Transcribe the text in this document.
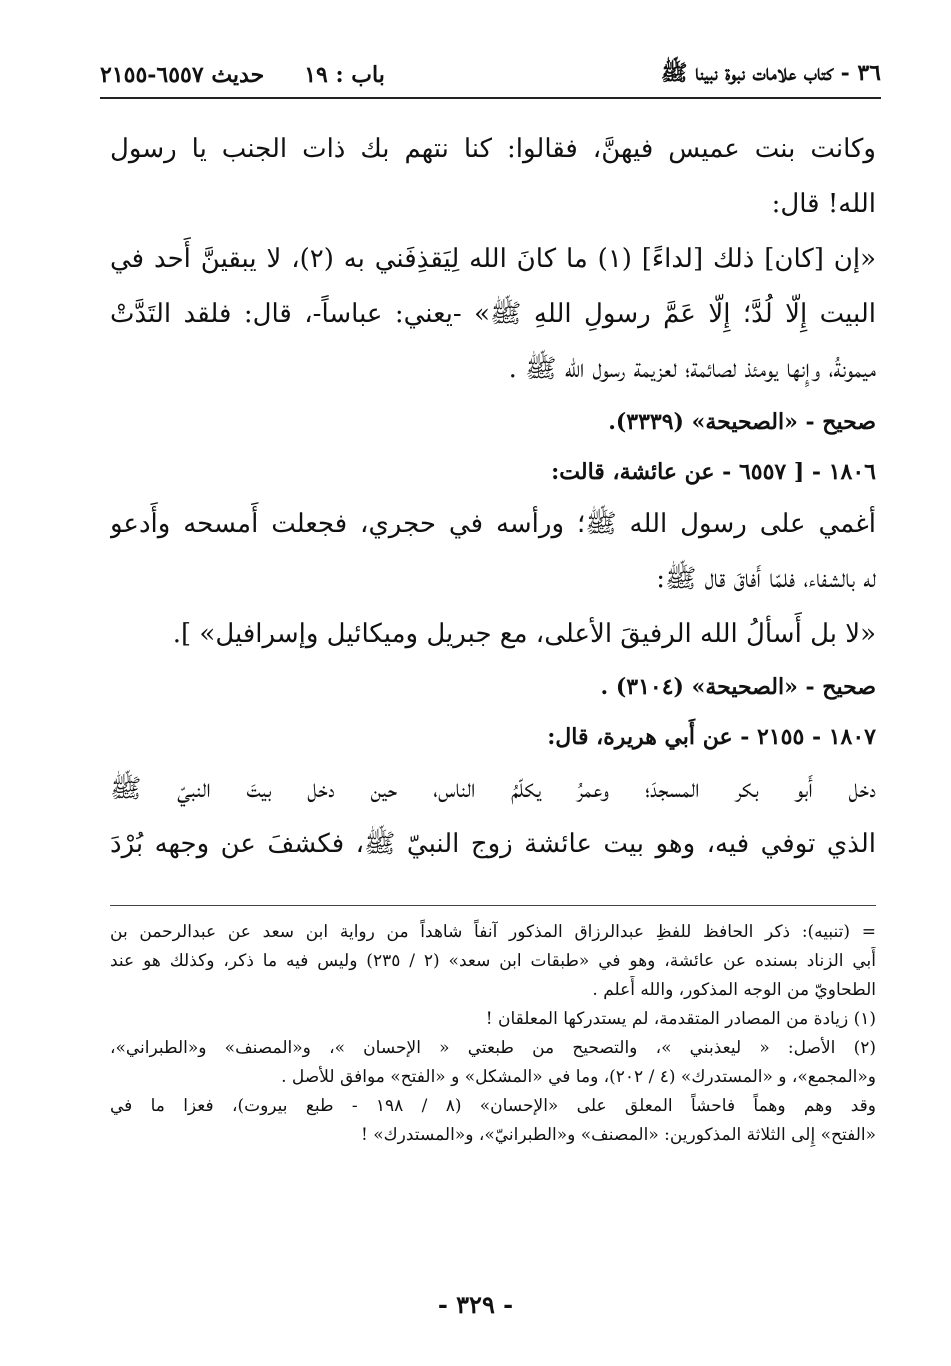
٣٦ - كتاب علامات نبوة نبينا ﷺ
باب : ١٩
حديث ٦٥٥٧-٢١٥٥
وكانت بنت عميس فيهنَّ، فقالوا: كنا نتهم بك ذات الجنب يا رسول
الله! قال:
«إن [كان] ذلك [لداءً] (١) ما كانَ الله لِيَقذِفَني به (٢)، لا يبقينَّ أَحد في
البيت إِلّا لُدَّ؛ إِلّا عَمَّ رسولِ اللهِ ﷺ» -يعني: عباساً-، قال: فلقد التَدَّتْ
ميمونةُ، وإِنها يومئذ لصائمة؛ لعزيمة رسول الله ﷺ .
صحيح - «الصحيحة» (٣٣٣٩).
١٨٠٦ - [ ٦٥٥٧ - عن عائشة، قالت:
أغمي على رسول الله ﷺ؛ ورأسه في حجري، فجعلت أَمسحه وأَدعو
له بالشفاء، فلمّا أَفاقَ قال ﷺ:
«لا بل أَسألُ الله الرفيقَ الأعلى، مع جبريل وميكائيل وإسرافيل» ].
صحيح - «الصحيحة» (٣١٠٤) .
١٨٠٧ - ٢١٥٥ - عن أَبي هريرة، قال:
دخل أَبو بكر المسجدَ؛ وعمرُ يكلّمُ الناس، حين دخل بيتَ النبيّ ﷺ
الذي توفي فيه، وهو بيت عائشة زوج النبيّ ﷺ، فكشفَ عن وجهه بُرْدَ
= (تنبيه): ذكر الحافظ للفظِ عبدالرزاق المذكور آنفاً شاهداً من رواية ابن سعد عن عبدالرحمن بن
أَبي الزناد بسنده عن عائشة، وهو في «طبقات ابن سعد» (٢ / ٢٣٥) وليس فيه ما ذكر، وكذلك هو عند
الطحاويّ من الوجه المذكور، والله أَعلم .
(١) زيادة من المصادر المتقدمة، لم يستدركها المعلقان !
(٢) الأصل: « ليعذبني »، والتصحيح من طبعتي « الإحسان »، و«المصنف» و«الطبراني»،
و«المجمع»، و «المستدرك» (٤ / ٢٠٢)، وما في «المشكل» و «الفتح» موافق للأصل .
وقد وهم وهماً فاحشاً المعلق على «الإحسان» (٨ / ١٩٨ - طبع بيروت)، فعزا ما في
«الفتح» إِلى الثلاثة المذكورين: «المصنف» و«الطبرانيّ»، و«المستدرك» !
- ٣٢٩ -
